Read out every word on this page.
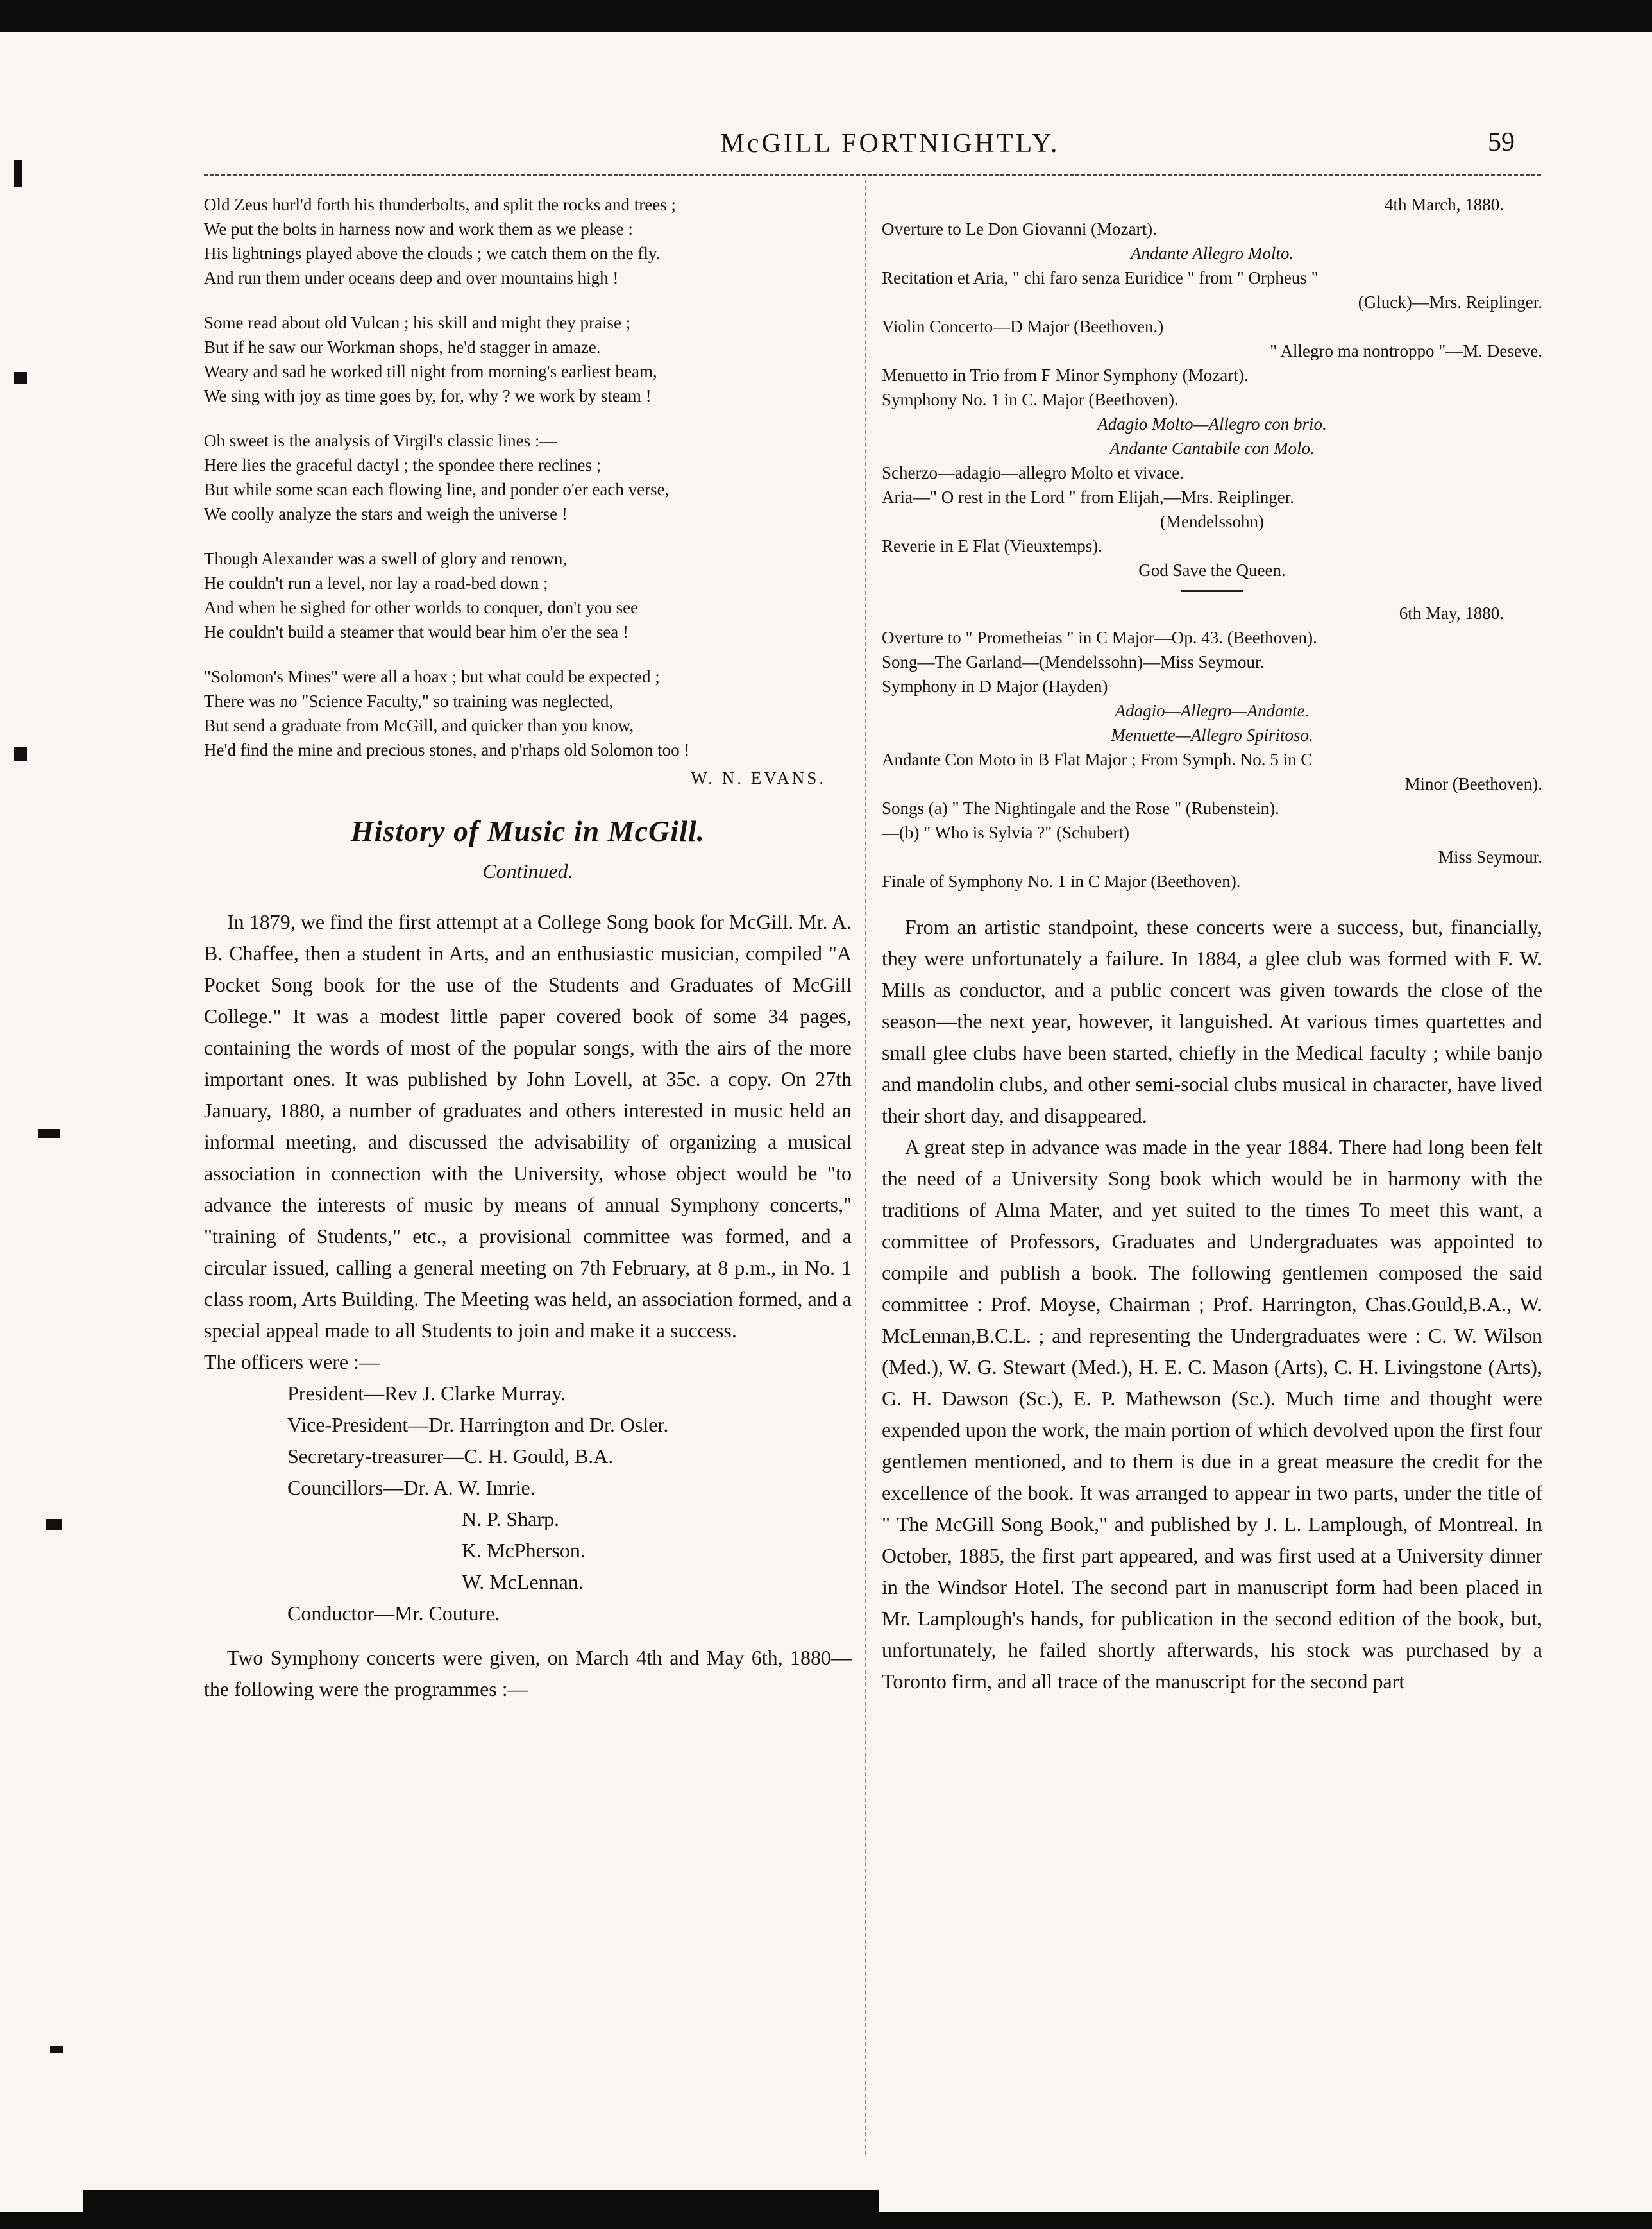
McGILL FORTNIGHTLY.	59

Old Zeus hurl'd forth his thunderbolts, and split the rocks and trees ;

We put the bolts in harness now and work them as we please :

His lightnings played above the clouds ; we catch them on the fly.

And run them under oceans deep and over mountains high !

Some read about old Vulcan ; his skill and might they praise ;

But if he saw our Workman shops, he'd stagger in amaze.

Weary and sad he worked till night from morning's earliest beam,

We sing with joy as time goes by, for, why ? we work by steam !

Oh sweet is the analysis of Virgil's classic lines :—

Here lies the graceful dactyl ; the spondee there reclines ;

But while some scan each flowing line, and ponder o'er each verse,

We coolly analyze the stars and weigh the universe !

Though Alexander was a swell of glory and renown,

He couldn't run a level, nor lay a road-bed down ;

And when he sighed for other worlds to conquer, don't you see

He couldn't build a steamer that would bear him o'er the sea !

"Solomon's Mines" were all a hoax ; but what could be expected ;

There was no "Science Faculty," so training was neglected,

But send a graduate from McGill, and quicker than you know,

He'd find the mine and precious stones, and p'rhaps old Solomon too !

W. N. EVANS.
History of Music in McGill.
Continued.

In 1879, we find the first attempt at a College Song book for McGill. Mr. A. B. Chaffee, then a student in Arts, and an enthusiastic musician, compiled "A Pocket Song book for the use of the Students and Graduates of McGill College." It was a modest little paper covered book of some 34 pages, containing the words of most of the popular songs, with the airs of the more important ones. It was published by John Lovell, at 35c. a copy. On 27th January, 1880, a number of graduates and others interested in music held an informal meeting, and discussed the advisability of organizing a musical association in connection with the University, whose object would be "to advance the interests of music by means of annual Symphony concerts," "training of Students," etc., a provisional committee was formed, and a circular issued, calling a general meeting on 7th February, at 8 p.m., in No. 1 class room, Arts Building. The Meeting was held, an association formed, and a special appeal made to all Students to join and make it a success.

The officers were :—

President—Rev J. Clarke Murray.
Vice-President—Dr. Harrington and Dr. Osler.
Secretary-treasurer—C. H. Gould, B.A.
Councillors—Dr. A. W. Imrie.
N. P. Sharp.
K. McPherson.
W. McLennan.
Conductor—Mr. Couture.

Two Symphony concerts were given, on March 4th and May 6th, 1880—the following were the programmes :—

4th March, 1880.

Overture to Le Don Giovanni (Mozart).

Andante Allegro Molto.

Recitation et Aria, " chi faro senza Euridice " from " Orpheus "

(Gluck)—Mrs. Reiplinger.

Violin Concerto—D Major (Beethoven.)

" Allegro ma nontroppo "—M. Deseve.

Menuetto in Trio from F Minor Symphony (Mozart).

Symphony No. 1 in C. Major (Beethoven).

Adagio Molto—Allegro con brio.

Andante Cantabile con Molo.

Scherzo—adagio—allegro Molto et vivace.

Aria—" O rest in the Lord " from Elijah,—Mrs. Reiplinger.

(Mendelssohn)

Reverie in E Flat (Vieuxtemps).

God Save the Queen.

6th May, 1880.

Overture to " Prometheias " in C Major—Op. 43. (Beethoven).

Song—The Garland—(Mendelssohn)—Miss Seymour.

Symphony in D Major (Hayden)

Adagio—Allegro—Andante.

Menuette—Allegro Spiritoso.

Andante Con Moto in B Flat Major ; From Symph. No. 5 in C

Minor (Beethoven).

Songs (a) " The Nightingale and the Rose " (Rubenstein).

—(b) " Who is Sylvia ?" (Schubert)

Miss Seymour.

Finale of Symphony No. 1 in C Major (Beethoven).

From an artistic standpoint, these concerts were a success, but, financially, they were unfortunately a failure. In 1884, a glee club was formed with F. W. Mills as conductor, and a public concert was given towards the close of the season—the next year, however, it languished. At various times quartettes and small glee clubs have been started, chiefly in the Medical faculty ; while banjo and mandolin clubs, and other semi-social clubs musical in character, have lived their short day, and disappeared.

A great step in advance was made in the year 1884. There had long been felt the need of a University Song book which would be in harmony with the traditions of Alma Mater, and yet suited to the times To meet this want, a committee of Professors, Graduates and Undergraduates was appointed to compile and publish a book. The following gentlemen composed the said committee : Prof. Moyse, Chairman ; Prof. Harrington, Chas.Gould,B.A., W. McLennan,B.C.L. ; and representing the Undergraduates were : C. W. Wilson (Med.), W. G. Stewart (Med.), H. E. C. Mason (Arts), C. H. Livingstone (Arts), G. H. Dawson (Sc.), E. P. Mathewson (Sc.). Much time and thought were expended upon the work, the main portion of which devolved upon the first four gentlemen mentioned, and to them is due in a great measure the credit for the excellence of the book. It was arranged to appear in two parts, under the title of " The McGill Song Book," and published by J. L. Lamplough, of Montreal. In October, 1885, the first part appeared, and was first used at a University dinner in the Windsor Hotel. The second part in manuscript form had been placed in Mr. Lamplough's hands, for publication in the second edition of the book, but, unfortunately, he failed shortly afterwards, his stock was purchased by a Toronto firm, and all trace of the manuscript for the second part
